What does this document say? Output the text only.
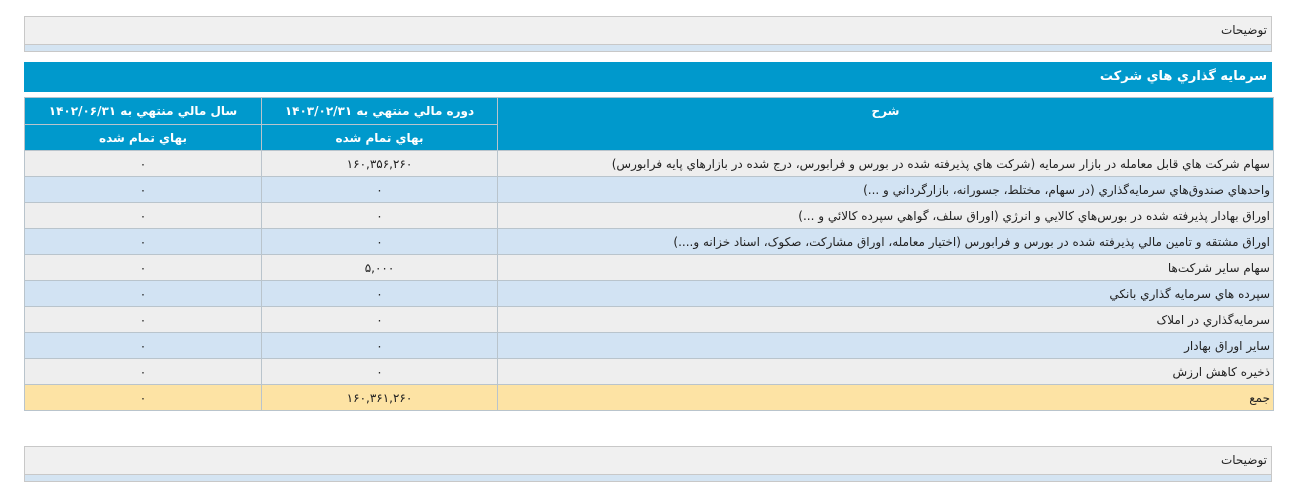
توضیحات
سرمایه گذاري هاي شرکت
شرح	دوره مالي منتهي به ۱۴۰۳/۰۲/۳۱	سال مالي منتهي به ۱۴۰۲/۰۶/۳۱
	بهاي تمام شده	بهاي تمام شده
سهام شرکت هاي قابل معامله در بازار سرمايه (شرکت هاي پذيرفته شده در بورس و فرابورس، درج شده در بازارهاي پايه فرابورس)	۱۶۰,۳۵۶,۲۶۰	۰
واحدهاي صندوق‌هاي سرمايه‌گذاري (در سهام، مختلط، جسورانه، بازارگرداني و ...)	۰	۰
اوراق بهادار پذيرفته شده در بورس‌هاي کالايي و انرژي (اوراق سلف، گواهي سپرده کالائي و ...)	۰	۰
اوراق مشتقه و تامين مالي پذيرفته شده در بورس و فرابورس (اختيار معامله، اوراق مشارکت، صکوک، اسناد خزانه و....)	۰	۰
سهام ساير شرکت‌ها	۵,۰۰۰	۰
سپرده هاي سرمايه گذاري بانکي	۰	۰
سرمايه‌گذاري در املاک	۰	۰
ساير اوراق بهادار	۰	۰
ذخيره کاهش ارزش	۰	۰
جمع	۱۶۰,۳۶۱,۲۶۰	۰
توضیحات
